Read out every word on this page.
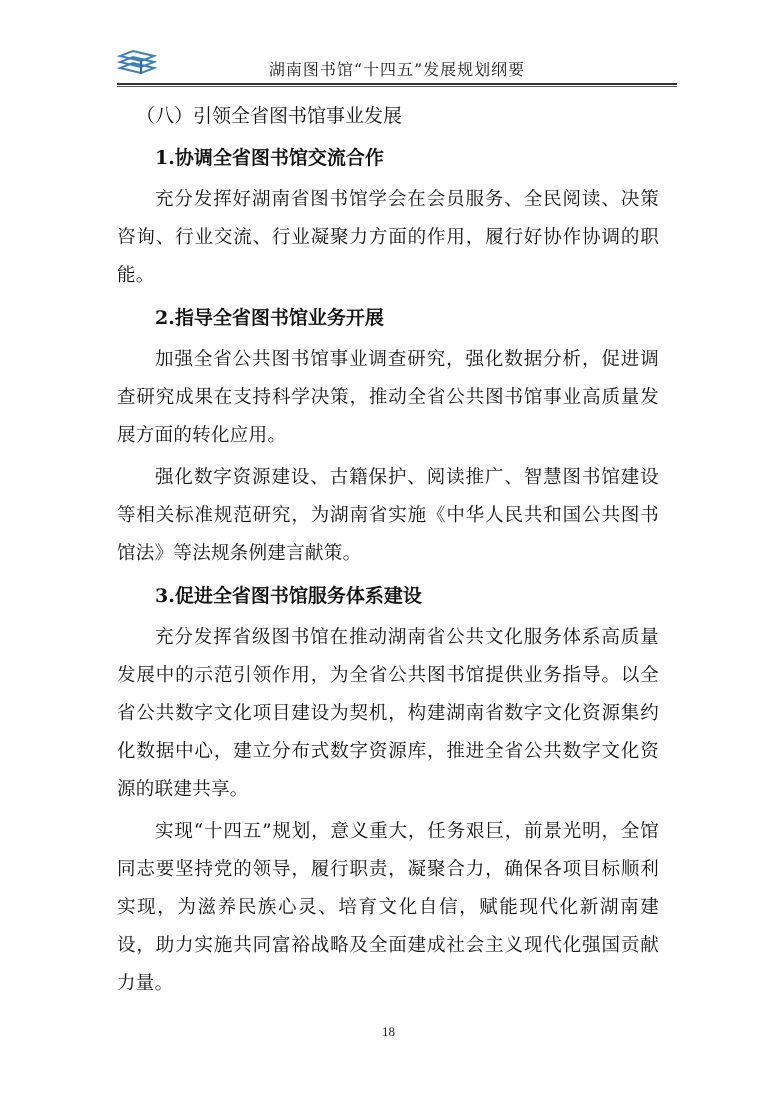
湖南图书馆“十四五”发展规划纲要
（八）引领全省图书馆事业发展
1.协调全省图书馆交流合作
充分发挥好湖南省图书馆学会在会员服务、全民阅读、决策咨询、行业交流、行业凝聚力方面的作用，履行好协作协调的职能。
2.指导全省图书馆业务开展
加强全省公共图书馆事业调查研究，强化数据分析，促进调查研究成果在支持科学决策，推动全省公共图书馆事业高质量发展方面的转化应用。
强化数字资源建设、古籍保护、阅读推广、智慧图书馆建设等相关标准规范研究，为湖南省实施《中华人民共和国公共图书馆法》等法规条例建言献策。
3.促进全省图书馆服务体系建设
充分发挥省级图书馆在推动湖南省公共文化服务体系高质量发展中的示范引领作用，为全省公共图书馆提供业务指导。以全省公共数字文化项目建设为契机，构建湖南省数字文化资源集约化数据中心，建立分布式数字资源库，推进全省公共数字文化资源的联建共享。
实现“十四五”规划，意义重大，任务艰巨，前景光明，全馆同志要坚持党的领导，履行职责，凝聚合力，确保各项目标顺利实现，为滋养民族心灵、培育文化自信，赋能现代化新湖南建设，助力实施共同富裕战略及全面建成社会主义现代化强国贡献力量。
18
